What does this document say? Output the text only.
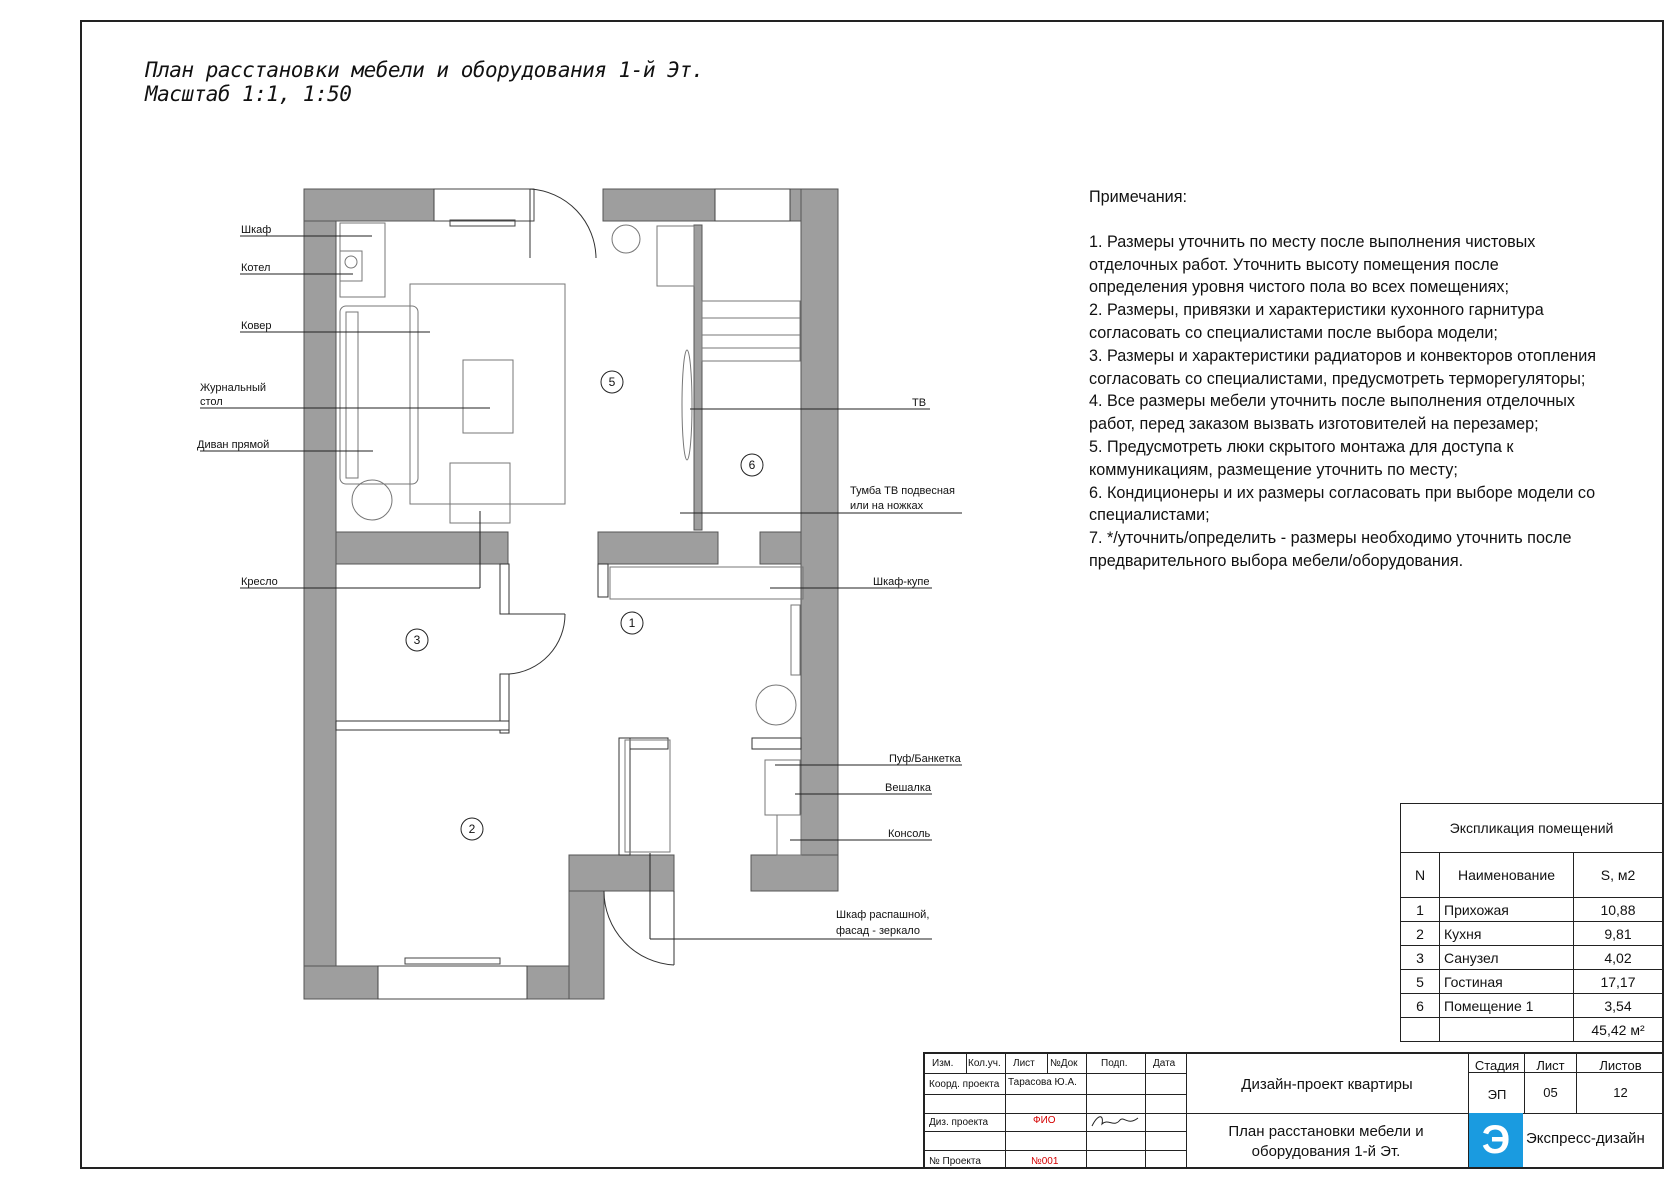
План расстановки мебели и оборудования 1-й Эт.
Масштаб 1:1, 1:50
Шкаф
Котел
Ковер
Журнальный
стол
Диван прямой
Кресло
ТВ
Тумба ТВ подвесная
или на ножках
Шкаф-купе
Пуф/Банкетка
Вешалка
Консоль
Шкаф распашной,
фасад - зеркало
5
6
1
3
2

Примечания:

1. Размеры уточнить по месту после выполнения чистовых отделочных работ. Уточнить высоту помещения после определения уровня чистого пола во всех помещениях;

2. Размеры, привязки и характеристики кухонного гарнитура согласовать со специалистами после выбора модели;

3. Размеры и характеристики радиаторов и конвекторов отопления согласовать со специалистами, предусмотреть терморегуляторы;

4. Все размеры мебели уточнить после выполнения отделочных работ, перед заказом вызвать изготовителей на перезамер;

5. Предусмотреть люки скрытого монтажа для доступа к коммуникациям, размещение уточнить по месту;

6. Кондиционеры и их размеры согласовать при выборе модели со специалистами;

7. */уточнить/определить - размеры необходимо уточнить после предварительного выбора мебели/оборудования.

Экспликация помещений		
N	Наименование	S, м2
1	Прихожая	10,88
2	Кухня	9,81
3	Санузел	4,02
5	Гостиная	17,17
6	Помещение 1	3,54
		45,42 м²
Изм. Кол.уч. Лист №Док Подп.	Дата
Коорд. проекта Тарасова Ю.А.
Диз. проекта	ФИО
№ Проекта	№001
Дизайн-проект квартиры
План расстановки мебели и оборудования 1-й Эт.
Стадия	Лист	Листов
ЭП	05	12
Э	Экспресс-дизайн
